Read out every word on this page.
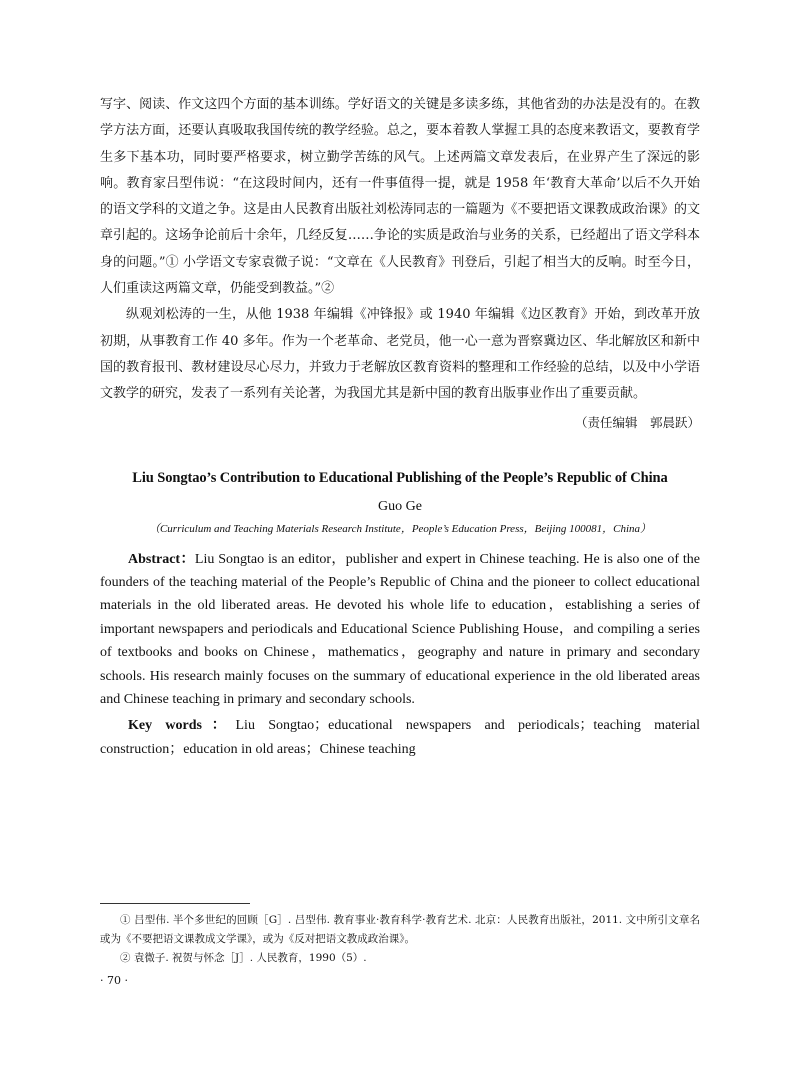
写字、阅读、作文这四个方面的基本训练。学好语文的关键是多读多练，其他省劲的办法是没有的。在教学方法方面，还要认真吸取我国传统的教学经验。总之，要本着教人掌握工具的态度来教语文，要教育学生多下基本功，同时要严格要求，树立勤学苦练的风气。上述两篇文章发表后，在业界产生了深远的影响。教育家吕型伟说：“在这段时间内，还有一件事值得一提，就是 1958 年‘教育大革命’以后不久开始的语文学科的文道之争。这是由人民教育出版社刘松涛同志的一篇题为《不要把语文课教成政治课》的文章引起的。这场争论前后十余年，几经反复……争论的实质是政治与业务的关系，已经超出了语文学科本身的问题。”① 小学语文专家袁微子说：“文章在《人民教育》刊登后，引起了相当大的反响。时至今日，人们重读这两篇文章，仍能受到教益。”②

纵观刘松涛的一生，从他 1938 年编辑《冲锋报》或 1940 年编辑《边区教育》开始，到改革开放初期，从事教育工作 40 多年。作为一个老革命、老党员，他一心一意为晋察冀边区、华北解放区和新中国的教育报刊、教材建设尽心尽力，并致力于老解放区教育资料的整理和工作经验的总结，以及中小学语文教学的研究，发表了一系列有关论著，为我国尤其是新中国的教育出版事业作出了重要贡献。

（责任编辑　郭晨跃）

Liu Songtao’s Contribution to Educational Publishing of the People’s Republic of China

Guo Ge

（Curriculum and Teaching Materials Research Institute，People’s Education Press，Beijing 100081，China）

Abstract：Liu Songtao is an editor，publisher and expert in Chinese teaching. He is also one of the founders of the teaching material of the People’s Republic of China and the pioneer to collect educational materials in the old liberated areas. He devoted his whole life to education，establishing a series of important newspapers and periodicals and Educational Science Publishing House，and compiling a series of textbooks and books on Chinese，mathematics，geography and nature in primary and secondary schools. His research mainly focuses on the summary of educational experience in the old liberated areas and Chinese teaching in primary and secondary schools.

Key words：Liu Songtao；educational newspapers and periodicals；teaching material construction；education in old areas；Chinese teaching

① 吕型伟. 半个多世纪的回顾［G］. 吕型伟. 教育事业·教育科学·教育艺术. 北京：人民教育出版社，2011. 文中所引文章名或为《不要把语文课教成文学课》，或为《反对把语文教成政治课》。

② 袁微子. 祝贺与怀念［J］. 人民教育，1990（5）.

· 70 ·
